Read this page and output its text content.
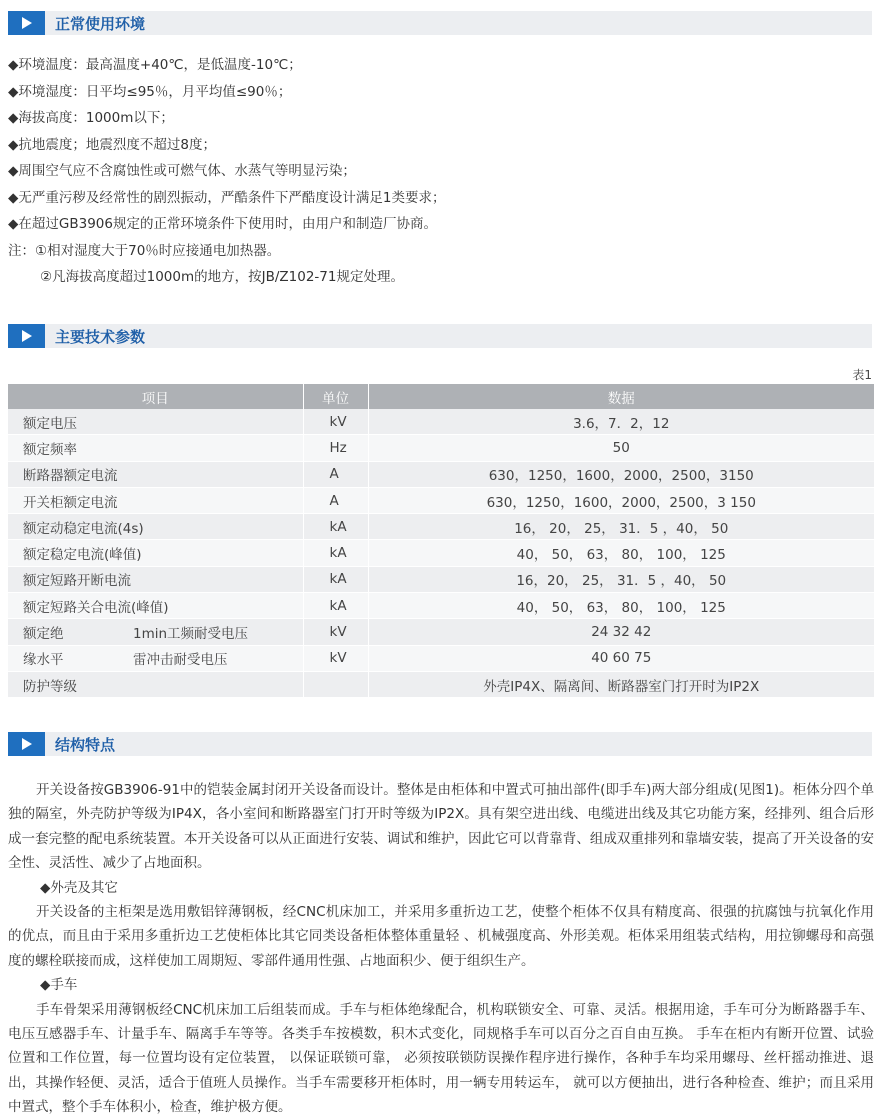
正常使用环境
◆环境温度：最高温度+40℃，是低温度-10℃；
◆环境湿度：日平均≤95％，月平均值≤90％；
◆海拔高度：1000m以下；
◆抗地震度；地震烈度不超过8度；
◆周围空气应不含腐蚀性或可燃气体、水蒸气等明显污染；
◆无严重污秽及经常性的剧烈振动，严酷条件下严酷度设计满足1类要求；
◆在超过GB3906规定的正常环境条件下使用时，由用户和制造厂协商。
注：①相对湿度大于70％时应接通电加热器。
②凡海拔高度超过1000m的地方，按JB/Z102-71规定处理。
主要技术参数
表1
项目	单位	数据
额定电压	kV	3.6，7．2，12
额定频率	Hz	50
断路器额定电流	A	630，1250，1600，2000，2500，3150
开关柜额定电流	A	630，1250，1600，2000，2500，3 150
额定动稳定电流(4s)	kA	16， 20， 25， 31．5 ，40， 50
额定稳定电流(峰值)	kA	40， 50， 63， 80， 100， 125
额定短路开断电流	kA	16，20， 25， 31．5 ，40， 50
额定短路关合电流(峰值)	kA	40， 50， 63， 80， 100， 125

额定绝 1min工频耐受电压	kV	24 32 42

缘水平 雷冲击耐受电压	kV	40 60 75
防护等级		外壳IP4X、隔离间、断路器室门打开时为IP2X
结构特点

开关设备按GB3906-91中的铠装金属封闭开关设备而设计。整体是由柜体和中置式可抽出部件(即手车)两大部分组成(见图1)。柜体分四个单独的隔室，外壳防护等级为IP4X，各小室间和断路器室门打开时等级为IP2X。具有架空进出线、电缆进出线及其它功能方案，经排列、组合后形成一套完整的配电系统装置。本开关设备可以从正面进行安装、调试和维护，因此它可以背靠背、组成双重排列和靠墙安装，提高了开关设备的安全性、灵活性、减少了占地面积。

◆外壳及其它

开关设备的主柜架是选用敷铝锌薄钢板，经CNC机床加工，并采用多重折边工艺，使整个柜体不仅具有精度高、很强的抗腐蚀与抗氧化作用的优点，而且由于采用多重折边工艺使柜体比其它同类设备柜体整体重量轻 、机械强度高、外形美观。柜体采用组装式结构，用拉铆螺母和高强度的螺栓联接而成，这样使加工周期短、零部件通用性强、占地面积少、便于组织生产。

◆手车

手车骨架采用薄钢板经CNC机床加工后组装而成。手车与柜体绝缘配合，机构联锁安全、可靠、灵活。根据用途，手车可分为断路器手车、电压互感器手车、计量手车、隔离手车等等。各类手车按模数，积木式变化，同规格手车可以百分之百自由互换。 手车在柜内有断开位置、试验位置和工作位置，每一位置均设有定位装置， 以保证联锁可靠， 必须按联锁防误操作程序进行操作，各种手车均采用螺母、丝杆摇动推进、退出，其操作轻便、灵活，适合于值班人员操作。当手车需要移开柜体时，用一辆专用转运车， 就可以方便抽出，进行各种检查、维护；而且采用中置式，整个手车体积小，检查，维护极方便。
